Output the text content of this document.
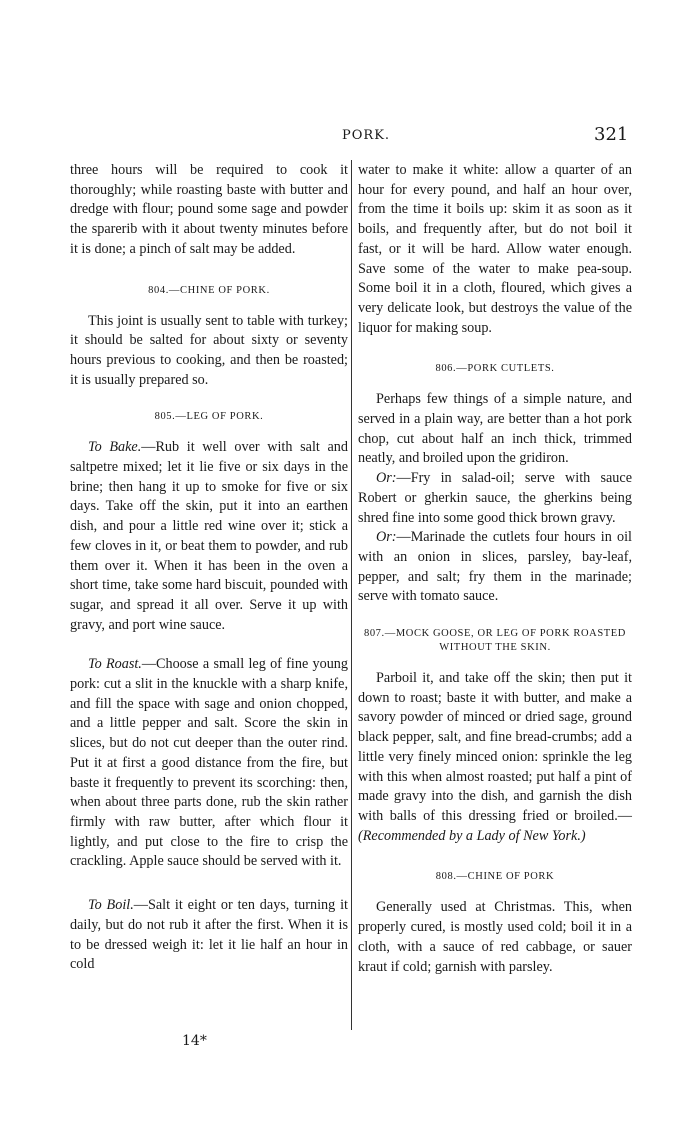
PORK.	321

three hours will be required to cook it thoroughly; while roasting baste with butter and dredge with flour; pound some sage and powder the sparerib with it about twenty minutes before it is done; a pinch of salt may be added.

804.—CHINE OF PORK.

This joint is usually sent to table with turkey; it should be salted for about sixty or seventy hours previous to cooking, and then be roasted; it is usually prepared so.

805.—LEG OF PORK.

To Bake.—Rub it well over with salt and saltpetre mixed; let it lie five or six days in the brine; then hang it up to smoke for five or six days. Take off the skin, put it into an earthen dish, and pour a little red wine over it; stick a few cloves in it, or beat them to powder, and rub them over it. When it has been in the oven a short time, take some hard biscuit, pounded with sugar, and spread it all over. Serve it up with gravy, and port wine sauce.

To Roast.—Choose a small leg of fine young pork: cut a slit in the knuckle with a sharp knife, and fill the space with sage and onion chopped, and a little pepper and salt. Score the skin in slices, but do not cut deeper than the outer rind. Put it at first a good distance from the fire, but baste it frequently to prevent its scorching: then, when about three parts done, rub the skin rather firmly with raw butter, after which flour it lightly, and put close to the fire to crisp the crackling. Apple sauce should be served with it.

To Boil.—Salt it eight or ten days, turning it daily, but do not rub it after the first. When it is to be dressed weigh it: let it lie half an hour in cold

water to make it white: allow a quarter of an hour for every pound, and half an hour over, from the time it boils up: skim it as soon as it boils, and frequently after, but do not boil it fast, or it will be hard. Allow water enough. Save some of the water to make pea-soup. Some boil it in a cloth, floured, which gives a very delicate look, but destroys the value of the liquor for making soup.

806.—PORK CUTLETS.

Perhaps few things of a simple nature, and served in a plain way, are better than a hot pork chop, cut about half an inch thick, trimmed neatly, and broiled upon the gridiron.

Or:—Fry in salad-oil; serve with sauce Robert or gherkin sauce, the gherkins being shred fine into some good thick brown gravy.

Or:—Marinade the cutlets four hours in oil with an onion in slices, parsley, bay-leaf, pepper, and salt; fry them in the marinade; serve with tomato sauce.

807.—MOCK GOOSE, OR LEG OF PORK ROASTED WITHOUT THE SKIN.

Parboil it, and take off the skin; then put it down to roast; baste it with butter, and make a savory powder of minced or dried sage, ground black pepper, salt, and fine bread-crumbs; add a little very finely minced onion: sprinkle the leg with this when almost roasted; put half a pint of made gravy into the dish, and garnish the dish with balls of this dressing fried or broiled.—(Recommended by a Lady of New York.)

808.—CHINE OF PORK

Generally used at Christmas. This, when properly cured, is mostly used cold; boil it in a cloth, with a sauce of red cabbage, or sauer kraut if cold; garnish with parsley.

14*
